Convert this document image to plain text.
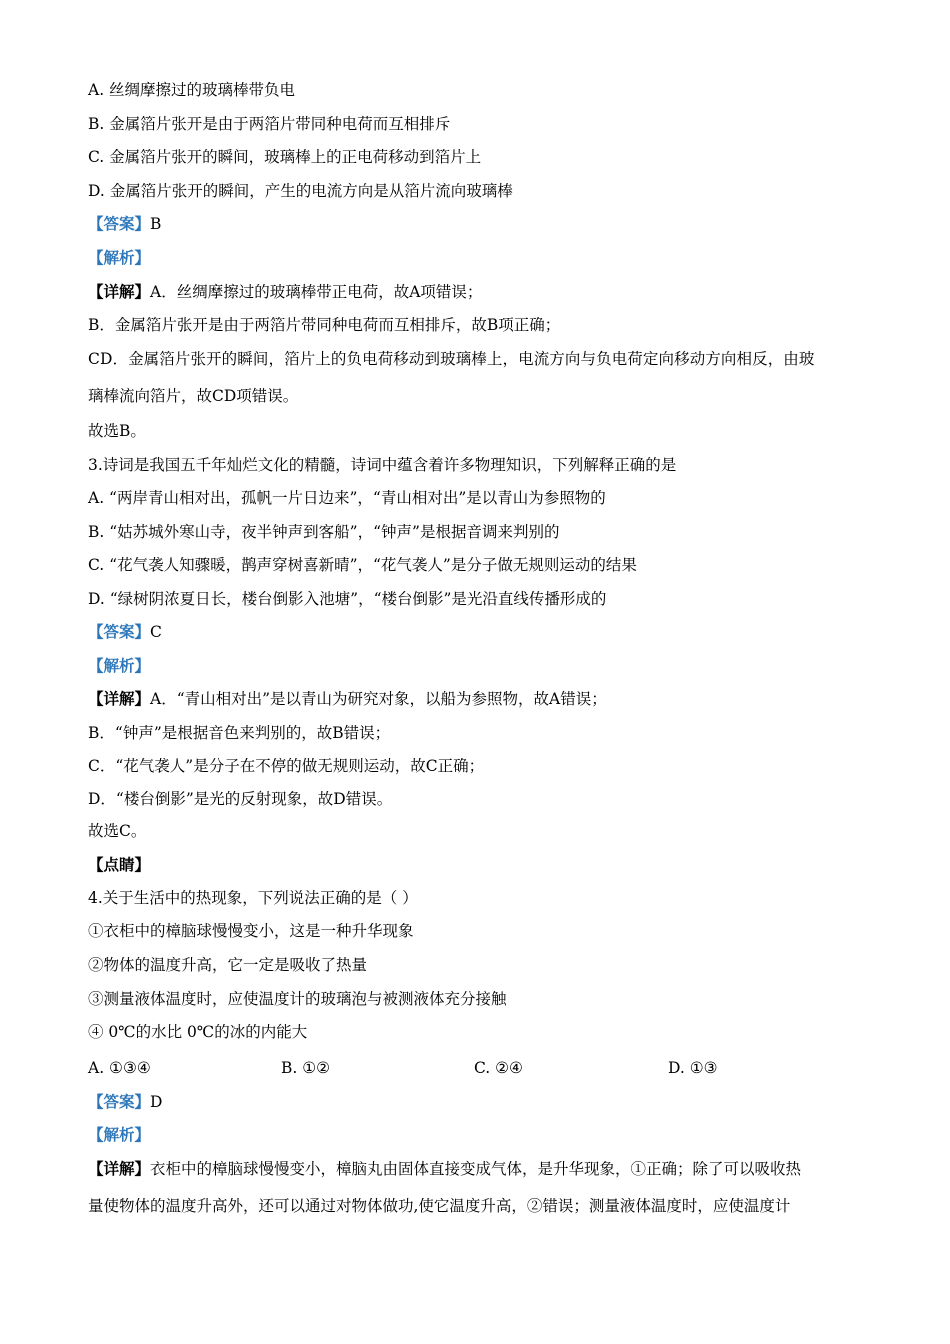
A. 丝绸摩擦过的玻璃棒带负电
B. 金属箔片张开是由于两箔片带同种电荷而互相排斥
C. 金属箔片张开的瞬间，玻璃棒上的正电荷移动到箔片上
D. 金属箔片张开的瞬间，产生的电流方向是从箔片流向玻璃棒
【答案】B
【解析】
【详解】A．丝绸摩擦过的玻璃棒带正电荷，故A项错误；
B．金属箔片张开是由于两箔片带同种电荷而互相排斥，故B项正确；
CD．金属箔片张开的瞬间，箔片上的负电荷移动到玻璃棒上，电流方向与负电荷定向移动方向相反，由玻
璃棒流向箔片，故CD项错误。
故选B。
3.诗词是我国五千年灿烂文化的精髓，诗词中蕴含着许多物理知识，下列解释正确的是
A. “两岸青山相对出，孤帆一片日边来”，“青山相对出”是以青山为参照物的
B. “姑苏城外寒山寺，夜半钟声到客船”，“钟声”是根据音调来判别的
C. “花气袭人知骤暖，鹊声穿树喜新晴”，“花气袭人”是分子做无规则运动的结果
D. “绿树阴浓夏日长，楼台倒影入池塘”，“楼台倒影”是光沿直线传播形成的
【答案】C
【解析】
【详解】A．“青山相对出”是以青山为研究对象，以船为参照物，故A错误；
B．“钟声”是根据音色来判别的，故B错误；
C．“花气袭人”是分子在不停的做无规则运动，故C正确；
D．“楼台倒影”是光的反射现象，故D错误。
故选C。
【点睛】
4.关于生活中的热现象，下列说法正确的是（ ）
①衣柜中的樟脑球慢慢变小，这是一种升华现象
②物体的温度升高，它一定是吸收了热量
③测量液体温度时，应使温度计的玻璃泡与被测液体充分接触
④ 0℃的水比 0℃的冰的内能大
A. ①③④	B. ①②	C. ②④	D. ①③
【答案】D
【解析】
【详解】衣柜中的樟脑球慢慢变小，樟脑丸由固体直接变成气体，是升华现象，①正确；除了可以吸收热
量使物体的温度升高外，还可以通过对物体做功,使它温度升高，②错误；测量液体温度时，应使温度计
